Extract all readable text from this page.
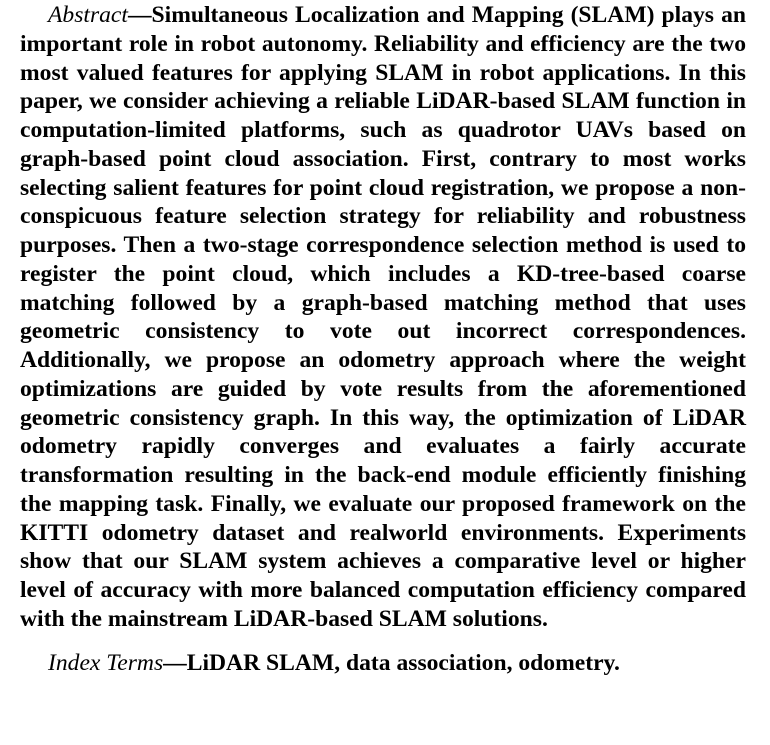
Abstract—Simultaneous Localization and Mapping (SLAM) plays an important role in robot autonomy. Reliability and efficiency are the two most valued features for applying SLAM in robot applications. In this paper, we consider achieving a reliable LiDAR-based SLAM function in computation-limited platforms, such as quadrotor UAVs based on graph-based point cloud association. First, contrary to most works selecting salient features for point cloud registration, we propose a non-conspicuous feature selection strategy for reliability and robustness purposes. Then a two-stage correspondence selection method is used to register the point cloud, which includes a KD-tree-based coarse matching followed by a graph-based matching method that uses geometric consistency to vote out incorrect correspondences. Additionally, we propose an odometry approach where the weight optimizations are guided by vote results from the aforementioned geometric consistency graph. In this way, the optimization of LiDAR odometry rapidly converges and evaluates a fairly accurate transformation resulting in the back-end module efficiently finishing the mapping task. Finally, we evaluate our proposed framework on the KITTI odometry dataset and realworld environments. Experiments show that our SLAM system achieves a comparative level or higher level of accuracy with more balanced computation efficiency compared with the mainstream LiDAR-based SLAM solutions.

Index Terms—LiDAR SLAM, data association, odometry.
